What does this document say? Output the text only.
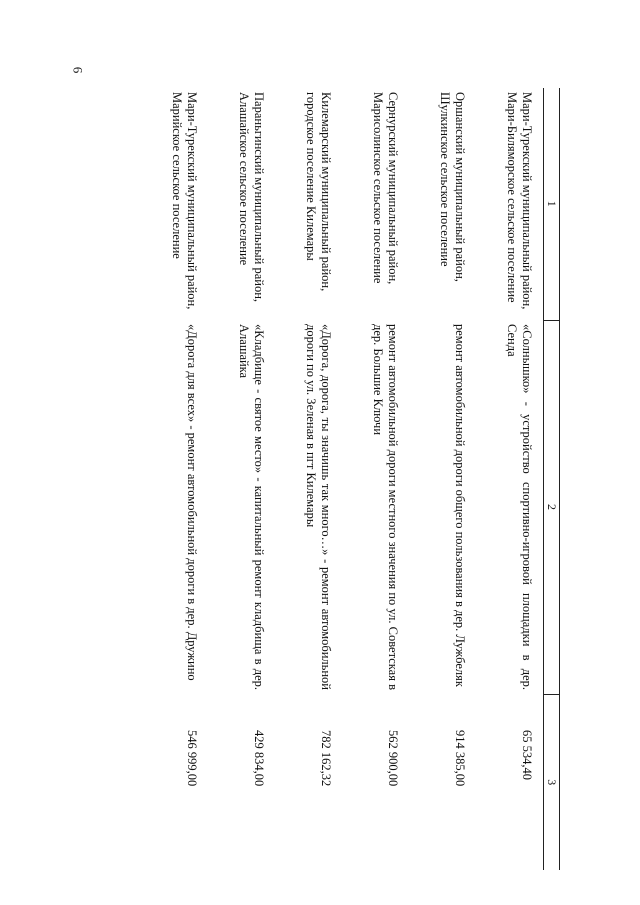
6
1	2	3
Мари-Турекский муниципальный район, Мари-Биляморское сельское поселение	«Солнышко» - устройство спортивно-игровой площадки в дер. Сенда	65 534,40
Оршанский муниципальный район, Шулкинское сельское поселение	ремонт автомобильной дороги общего пользования в дер. Лужбеляк	914 385,00
Сернурский муниципальный район, Марисолинское сельское поселение	ремонт автомобильной дороги местного значения по ул. Советская в дер. Большие Ключи	562 900,00
Килемарский муниципальный район, городское поселение Килемары	«Дорога, дорога, ты значишь так много…» - ремонт автомобильной дороги по ул. Зеленая в пгт Килемары	782 162,32
Параньгинский муниципальный район, Алашайское сельское поселение	«Кладбище - святое место» - капитальный ремонт кладбища в дер. Алашайка	429 834,00
Мари-Турекский муниципальный район, Марийское сельское поселение	«Дорога для всех» - ремонт автомобильной дороги в дер. Дружино	546 999,00
